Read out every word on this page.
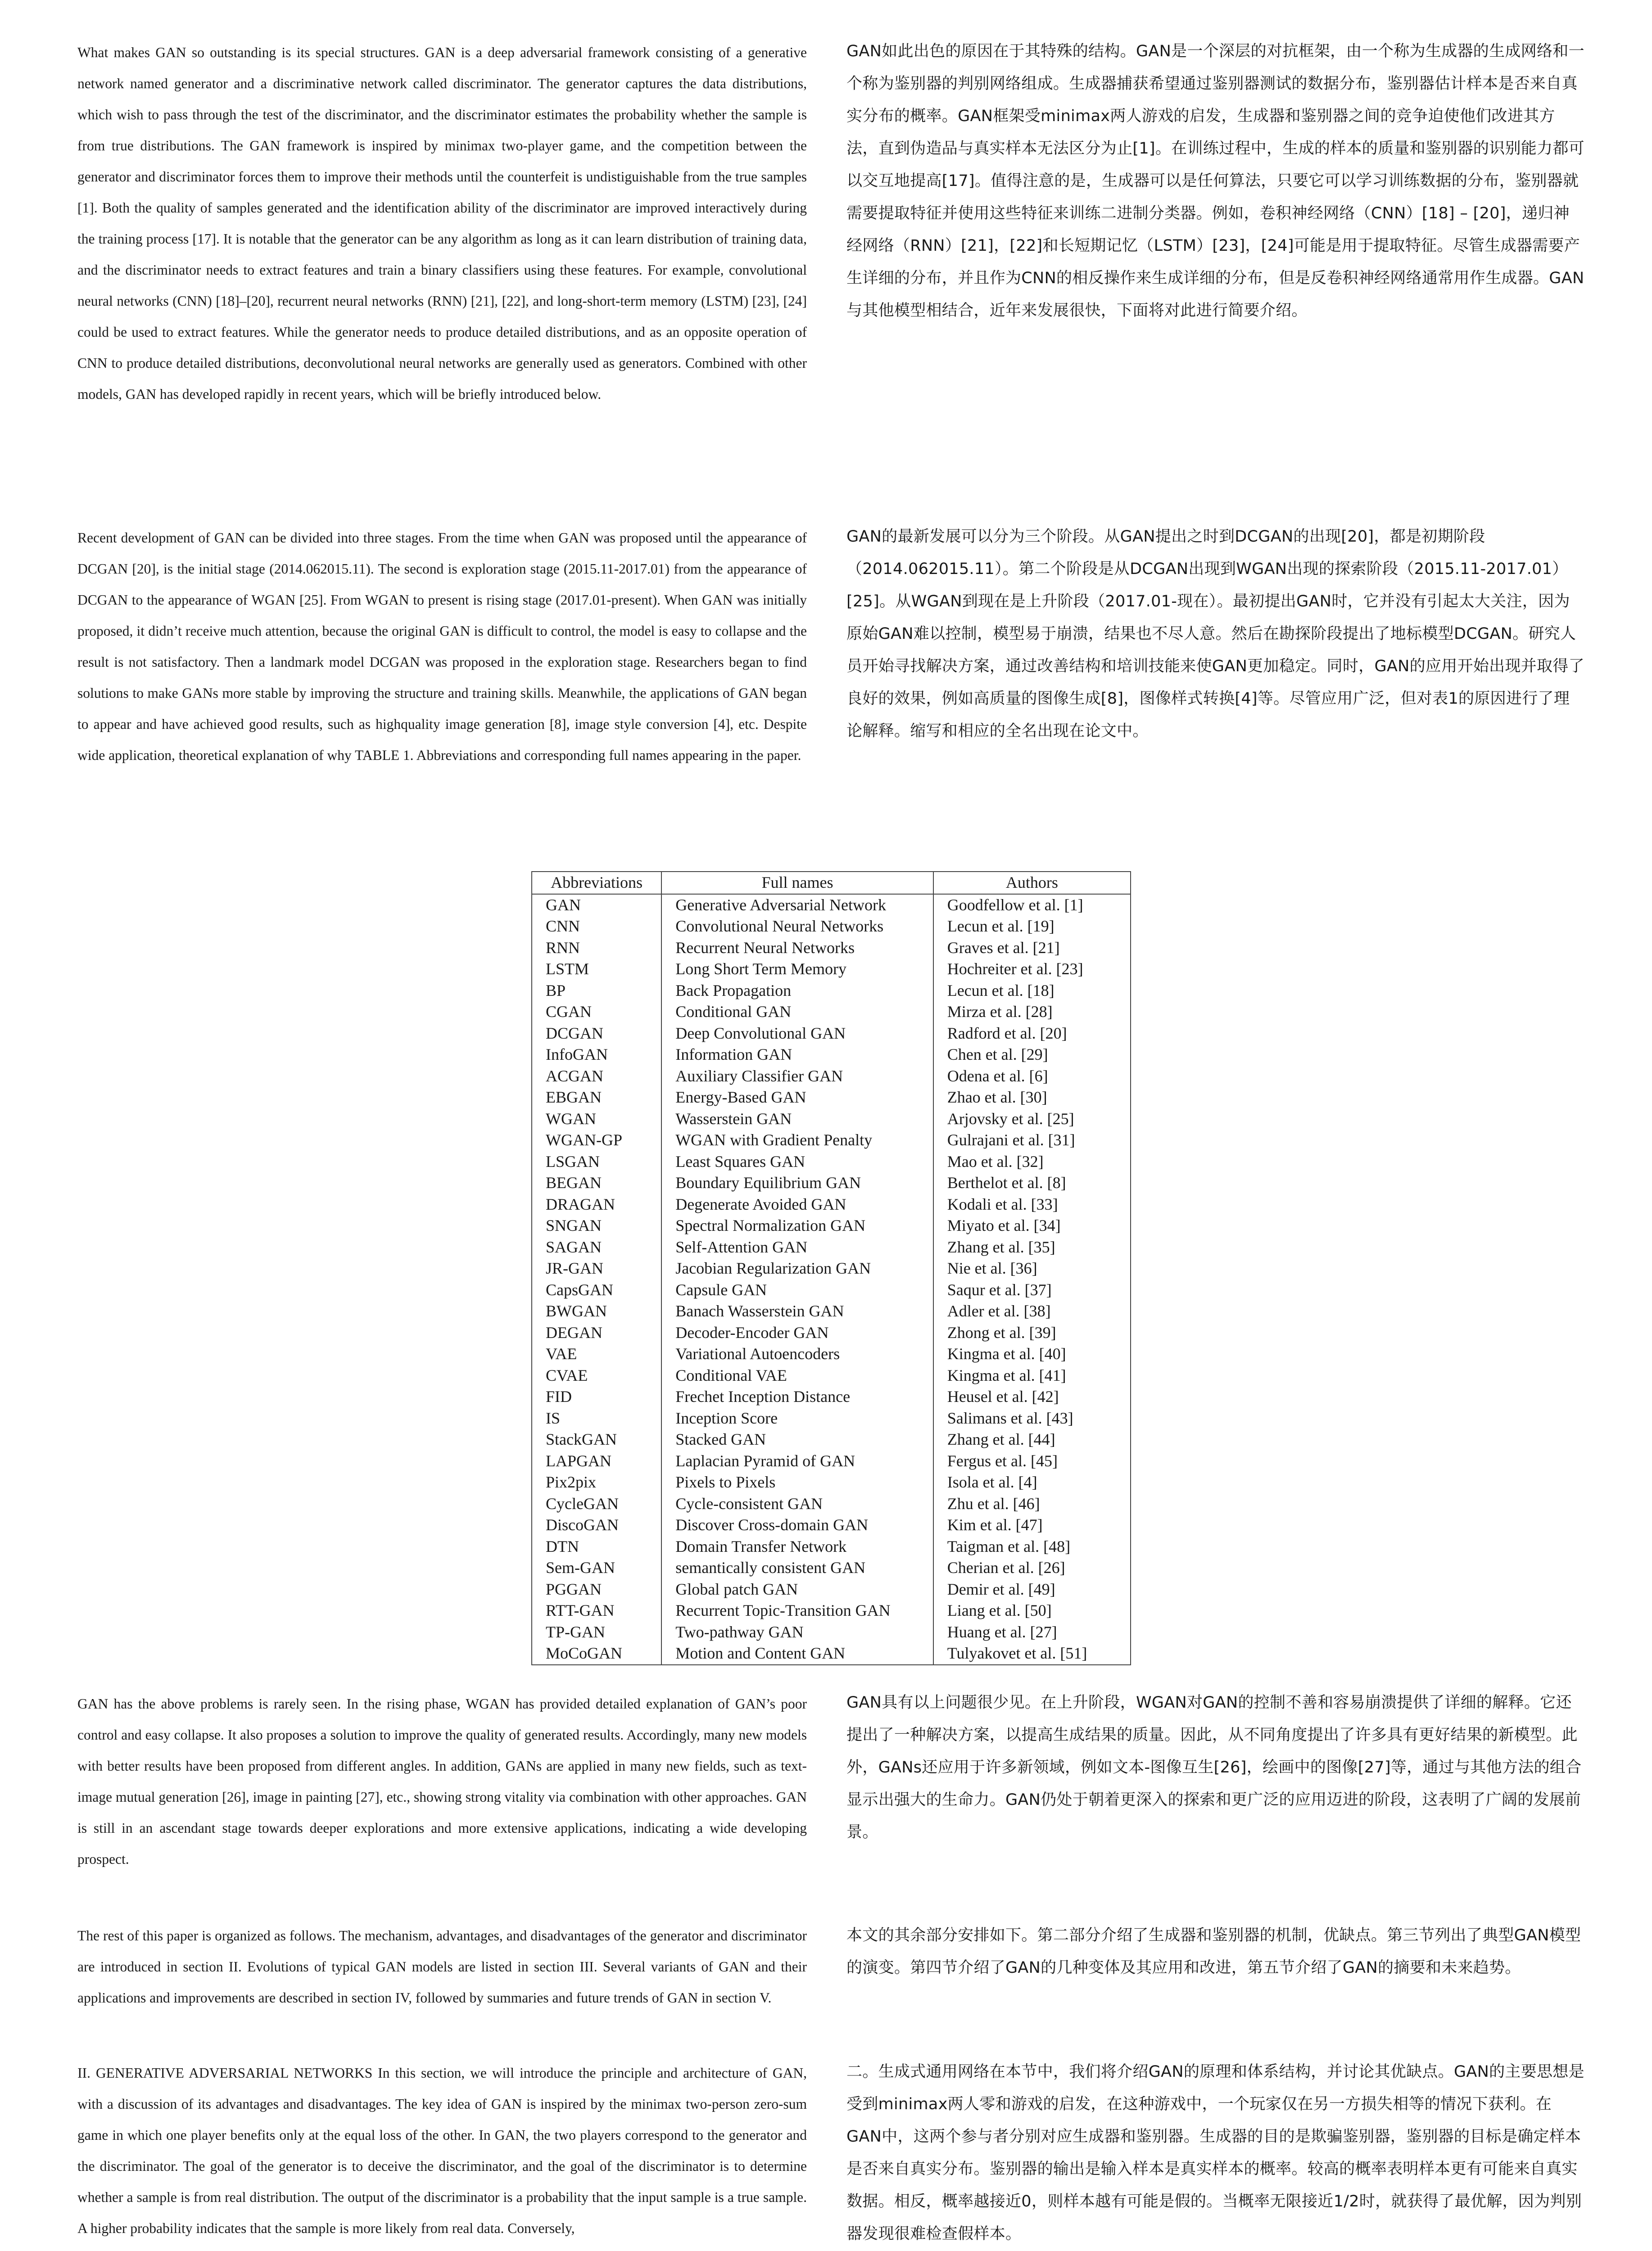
What makes GAN so outstanding is its special structures. GAN is a deep adversarial framework consisting of a generative network named generator and a discriminative network called discriminator. The generator captures the data distributions, which wish to pass through the test of the discriminator, and the discriminator estimates the probability whether the sample is from true distributions. The GAN framework is inspired by minimax two-player game, and the competition between the generator and discriminator forces them to improve their methods until the counterfeit is undistiguishable from the true samples [1]. Both the quality of samples generated and the identification ability of the discriminator are improved interactively during the training process [17]. It is notable that the generator can be any algorithm as long as it can learn distribution of training data, and the discriminator needs to extract features and train a binary classifiers using these features. For example, convolutional neural networks (CNN) [18]–[20], recurrent neural networks (RNN) [21], [22], and long-short-term memory (LSTM) [23], [24] could be used to extract features. While the generator needs to produce detailed distributions, and as an opposite operation of CNN to produce detailed distributions, deconvolutional neural networks are generally used as generators. Combined with other models, GAN has developed rapidly in recent years, which will be briefly introduced below.
GAN如此出色的原因在于其特殊的结构。GAN是一个深层的对抗框架，由一个称为生成器的生成网络和一个称为鉴别器的判别网络组成。生成器捕获希望通过鉴别器测试的数据分布，鉴别器估计样本是否来自真实分布的概率。GAN框架受minimax两人游戏的启发，生成器和鉴别器之间的竞争迫使他们改进其方法，直到伪造品与真实样本无法区分为止[1]。在训练过程中，生成的样本的质量和鉴别器的识别能力都可以交互地提高[17]。值得注意的是，生成器可以是任何算法，只要它可以学习训练数据的分布，鉴别器就需要提取特征并使用这些特征来训练二进制分类器。例如，卷积神经网络（CNN）[18] – [20]，递归神经网络（RNN）[21]，[22]和长短期记忆（LSTM）[23]，[24]可能是用于提取特征。尽管生成器需要产生详细的分布，并且作为CNN的相反操作来生成详细的分布，但是反卷积神经网络通常用作生成器。GAN与其他模型相结合，近年来发展很快，下面将对此进行简要介绍。
Recent development of GAN can be divided into three stages. From the time when GAN was proposed until the appearance of DCGAN [20], is the initial stage (2014.062015.11). The second is exploration stage (2015.11-2017.01) from the appearance of DCGAN to the appearance of WGAN [25]. From WGAN to present is rising stage (2017.01-present). When GAN was initially proposed, it didn’t receive much attention, because the original GAN is difficult to control, the model is easy to collapse and the result is not satisfactory. Then a landmark model DCGAN was proposed in the exploration stage. Researchers began to find solutions to make GANs more stable by improving the structure and training skills. Meanwhile, the applications of GAN began to appear and have achieved good results, such as highquality image generation [8], image style conversion [4], etc. Despite wide application, theoretical explanation of why TABLE 1. Abbreviations and corresponding full names appearing in the paper.
GAN的最新发展可以分为三个阶段。从GAN提出之时到DCGAN的出现[20]，都是初期阶段（2014.062015.11）。第二个阶段是从DCGAN出现到WGAN出现的探索阶段（2015.11-2017.01）[25]。从WGAN到现在是上升阶段（2017.01-现在）。最初提出GAN时，它并没有引起太大关注，因为原始GAN难以控制，模型易于崩溃，结果也不尽人意。然后在勘探阶段提出了地标模型DCGAN。研究人员开始寻找解决方案，通过改善结构和培训技能来使GAN更加稳定。同时，GAN的应用开始出现并取得了良好的效果，例如高质量的图像生成[8]，图像样式转换[4]等。尽管应用广泛，但对表1的原因进行了理论解释。缩写和相应的全名出现在论文中。
Abbreviations	Full names	Authors
GAN	Generative Adversarial Network	Goodfellow et al. [1]
CNN	Convolutional Neural Networks	Lecun et al. [19]
RNN	Recurrent Neural Networks	Graves et al. [21]
LSTM	Long Short Term Memory	Hochreiter et al. [23]
BP	Back Propagation	Lecun et al. [18]
CGAN	Conditional GAN	Mirza et al. [28]
DCGAN	Deep Convolutional GAN	Radford et al. [20]
InfoGAN	Information GAN	Chen et al. [29]
ACGAN	Auxiliary Classifier GAN	Odena et al. [6]
EBGAN	Energy-Based GAN	Zhao et al. [30]
WGAN	Wasserstein GAN	Arjovsky et al. [25]
WGAN-GP	WGAN with Gradient Penalty	Gulrajani et al. [31]
LSGAN	Least Squares GAN	Mao et al. [32]
BEGAN	Boundary Equilibrium GAN	Berthelot et al. [8]
DRAGAN	Degenerate Avoided GAN	Kodali et al. [33]
SNGAN	Spectral Normalization GAN	Miyato et al. [34]
SAGAN	Self-Attention GAN	Zhang et al. [35]
JR-GAN	Jacobian Regularization GAN	Nie et al. [36]
CapsGAN	Capsule GAN	Saqur et al. [37]
BWGAN	Banach Wasserstein GAN	Adler et al. [38]
DEGAN	Decoder-Encoder GAN	Zhong et al. [39]
VAE	Variational Autoencoders	Kingma et al. [40]
CVAE	Conditional VAE	Kingma et al. [41]
FID	Frechet Inception Distance	Heusel et al. [42]
IS	Inception Score	Salimans et al. [43]
StackGAN	Stacked GAN	Zhang et al. [44]
LAPGAN	Laplacian Pyramid of GAN	Fergus et al. [45]
Pix2pix	Pixels to Pixels	Isola et al. [4]
CycleGAN	Cycle-consistent GAN	Zhu et al. [46]
DiscoGAN	Discover Cross-domain GAN	Kim et al. [47]
DTN	Domain Transfer Network	Taigman et al. [48]
Sem-GAN	semantically consistent GAN	Cherian et al. [26]
PGGAN	Global patch GAN	Demir et al. [49]
RTT-GAN	Recurrent Topic-Transition GAN	Liang et al. [50]
TP-GAN	Two-pathway GAN	Huang et al. [27]
MoCoGAN	Motion and Content GAN	Tulyakovet et al. [51]
GAN has the above problems is rarely seen. In the rising phase, WGAN has provided detailed explanation of GAN’s poor control and easy collapse. It also proposes a solution to improve the quality of generated results. Accordingly, many new models with better results have been proposed from different angles. In addition, GANs are applied in many new fields, such as text-image mutual generation [26], image in painting [27], etc., showing strong vitality via combination with other approaches. GAN is still in an ascendant stage towards deeper explorations and more extensive applications, indicating a wide developing prospect.
GAN具有以上问题很少见。在上升阶段，WGAN对GAN的控制不善和容易崩溃提供了详细的解释。它还提出了一种解决方案，以提高生成结果的质量。因此，从不同角度提出了许多具有更好结果的新模型。此外，GANs还应用于许多新领域，例如文本-图像互生[26]，绘画中的图像[27]等，通过与其他方法的组合显示出强大的生命力。GAN仍处于朝着更深入的探索和更广泛的应用迈进的阶段，这表明了广阔的发展前景。
The rest of this paper is organized as follows. The mechanism, advantages, and disadvantages of the generator and discriminator are introduced in section II. Evolutions of typical GAN models are listed in section III. Several variants of GAN and their applications and improvements are described in section IV, followed by summaries and future trends of GAN in section V.
本文的其余部分安排如下。第二部分介绍了生成器和鉴别器的机制，优缺点。第三节列出了典型GAN模型的演变。第四节介绍了GAN的几种变体及其应用和改进，第五节介绍了GAN的摘要和未来趋势。
II. GENERATIVE ADVERSARIAL NETWORKS In this section, we will introduce the principle and architecture of GAN, with a discussion of its advantages and disadvantages. The key idea of GAN is inspired by the minimax two-person zero-sum game in which one player benefits only at the equal loss of the other. In GAN, the two players correspond to the generator and the discriminator. The goal of the generator is to deceive the discriminator, and the goal of the discriminator is to determine whether a sample is from real distribution. The output of the discriminator is a probability that the input sample is a true sample. A higher probability indicates that the sample is more likely from real data. Conversely,
二。生成式通用网络在本节中，我们将介绍GAN的原理和体系结构，并讨论其优缺点。GAN的主要思想是受到minimax两人零和游戏的启发，在这种游戏中，一个玩家仅在另一方损失相等的情况下获利。在GAN中，这两个参与者分别对应生成器和鉴别器。生成器的目的是欺骗鉴别器，鉴别器的目标是确定样本是否来自真实分布。鉴别器的输出是输入样本是真实样本的概率。较高的概率表明样本更有可能来自真实数据。相反，概率越接近0，则样本越有可能是假的。当概率无限接近1/2时，就获得了最优解，因为判别器发现很难检查假样本。
